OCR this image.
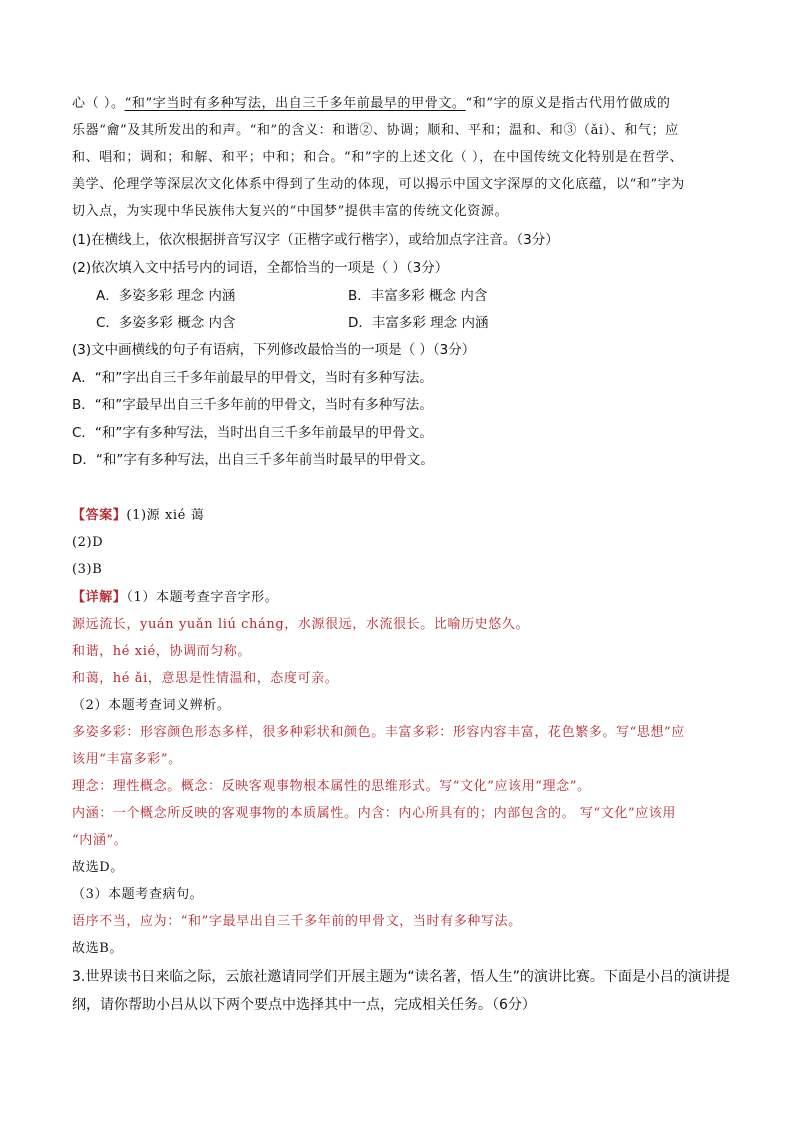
心（ ）。“和”字当时有多种写法，出自三千多年前最早的甲骨文。“和”字的原义是指古代用竹做成的
乐器“龠”及其所发出的和声。“和”的含义：和谐②、协调；顺和、平和；温和、和③（ǎi）、和气；应
和、唱和；调和；和解、和平；中和；和合。“和”字的上述文化（ ），在中国传统文化特别是在哲学、
美学、伦理学等深层次文化体系中得到了生动的体现，可以揭示中国文字深厚的文化底蕴，以“和”字为
切入点，为实现中华民族伟大复兴的“中国梦”提供丰富的传统文化资源。
(1)在横线上，依次根据拼音写汉字（正楷字或行楷字），或给加点字注音。（3分）
(2)依次填入文中括号内的词语，全都恰当的一项是（ ）（3分）
A．多姿多彩 理念 内涵	B．丰富多彩 概念 内含
C．多姿多彩 概念 内含	D．丰富多彩 理念 内涵
(3)文中画横线的句子有语病，下列修改最恰当的一项是（ ）（3分）
A．“和”字出自三千多年前最早的甲骨文，当时有多种写法。
B．“和”字最早出自三千多年前的甲骨文，当时有多种写法。
C．“和”字有多种写法，当时出自三千多年前最早的甲骨文。
D．“和”字有多种写法，出自三千多年前当时最早的甲骨文。
【答案】(1)源 xié 蔼
(2)D
(3)B
【详解】（1）本题考查字音字形。
源远流长，yuán yuǎn liú cháng，水源很远，水流很长。比喻历史悠久。
和谐，hé xié，协调而匀称。
和蔼，hé ǎi，意思是性情温和，态度可亲。
（2）本题考查词义辨析。
多姿多彩：形容颜色形态多样，很多种彩状和颜色。丰富多彩：形容内容丰富，花色繁多。写“思想”应
该用“丰富多彩”。
理念：理性概念。概念：反映客观事物根本属性的思维形式。写“文化”应该用“理念”。
内涵：一个概念所反映的客观事物的本质属性。内含：内心所具有的；内部包含的。 写“文化”应该用
“内涵”。
故选D。
（3）本题考查病句。
语序不当，应为：“和”字最早出自三千多年前的甲骨文，当时有多种写法。
故选B。
3.世界读书日来临之际，云旅社邀请同学们开展主题为“读名著，悟人生”的演讲比赛。下面是小吕的演讲提
纲，请你帮助小吕从以下两个要点中选择其中一点，完成相关任务。（6分）
